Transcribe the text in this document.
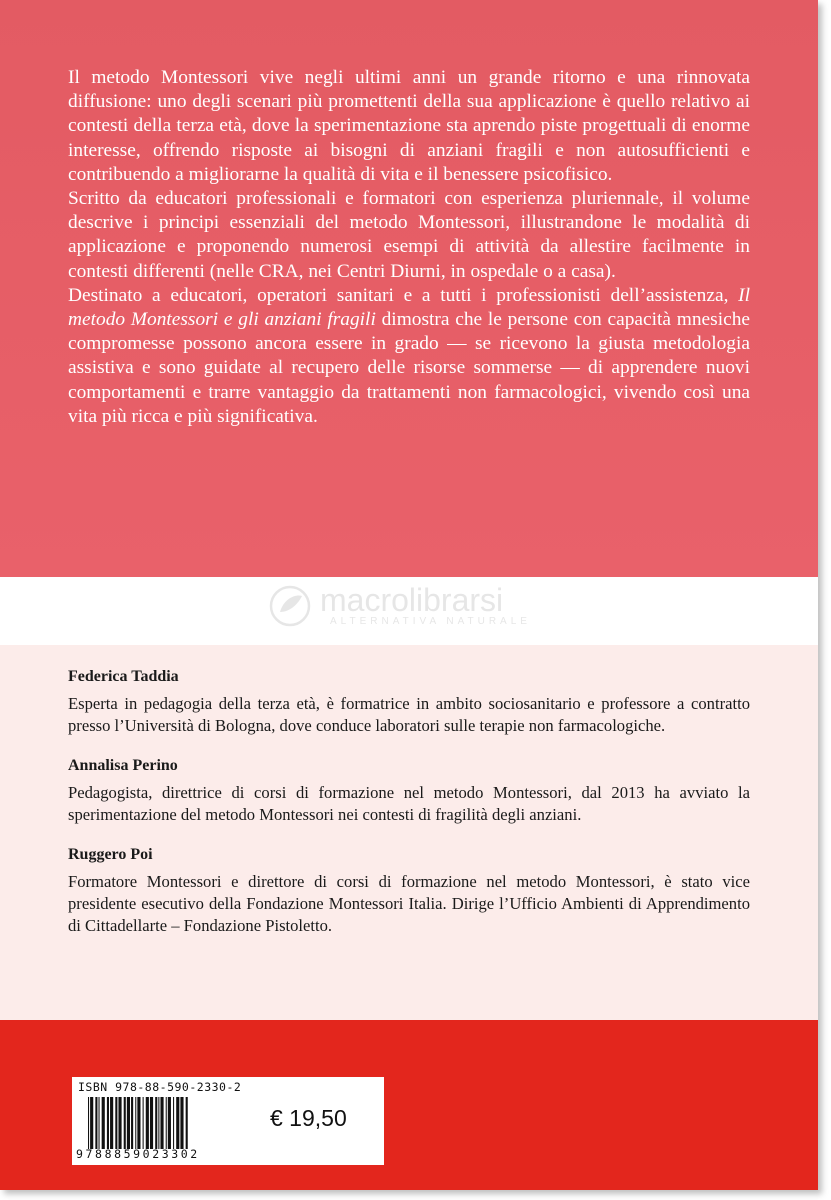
Il metodo Montessori vive negli ultimi anni un grande ritorno e una rinnovata diffusione: uno degli scenari più promettenti della sua applicazione è quello relativo ai contesti della terza età, dove la sperimentazione sta aprendo piste progettuali di enorme interesse, offrendo risposte ai bisogni di anziani fragili e non autosufficienti e contribuendo a migliorarne la qualità di vita e il benessere psicofisico.

Scritto da educatori professionali e formatori con esperienza pluriennale, il volume descrive i principi essenziali del metodo Montessori, illustrandone le modalità di applicazione e proponendo numerosi esempi di attività da allestire facilmente in contesti differenti (nelle CRA, nei Centri Diurni, in ospedale o a casa).

Destinato a educatori, operatori sanitari e a tutti i professionisti dell’assistenza, Il metodo Montessori e gli anziani fragili dimostra che le persone con capacità mnesiche compromesse possono ancora essere in grado — se ricevono la giusta metodologia assistiva e sono guidate al recupero delle risorse sommerse — di apprendere nuovi comportamenti e trarre vantaggio da trattamenti non farmacologici, vivendo così una vita più ricca e più significativa.

macrolibrarsi
ALTERNATIVA NATURALE

Federica Taddia

Esperta in pedagogia della terza età, è formatrice in ambito sociosanitario e professore a contratto presso l’Università di Bologna, dove conduce laboratori sulle terapie non farmacologiche.

Annalisa Perino

Pedagogista, direttrice di corsi di formazione nel metodo Montessori, dal 2013 ha avviato la sperimentazione del metodo Montessori nei contesti di fragilità degli anziani.

Ruggero Poi

Formatore Montessori e direttore di corsi di formazione nel metodo Montessori, è stato vice presidente esecutivo della Fondazione Montessori Italia. Dirige l’Ufficio Ambienti di Apprendimento di Cittadellarte – Fondazione Pistoletto.

ISBN 978-88-590-2330-2
9788859023302
€ 19,50
